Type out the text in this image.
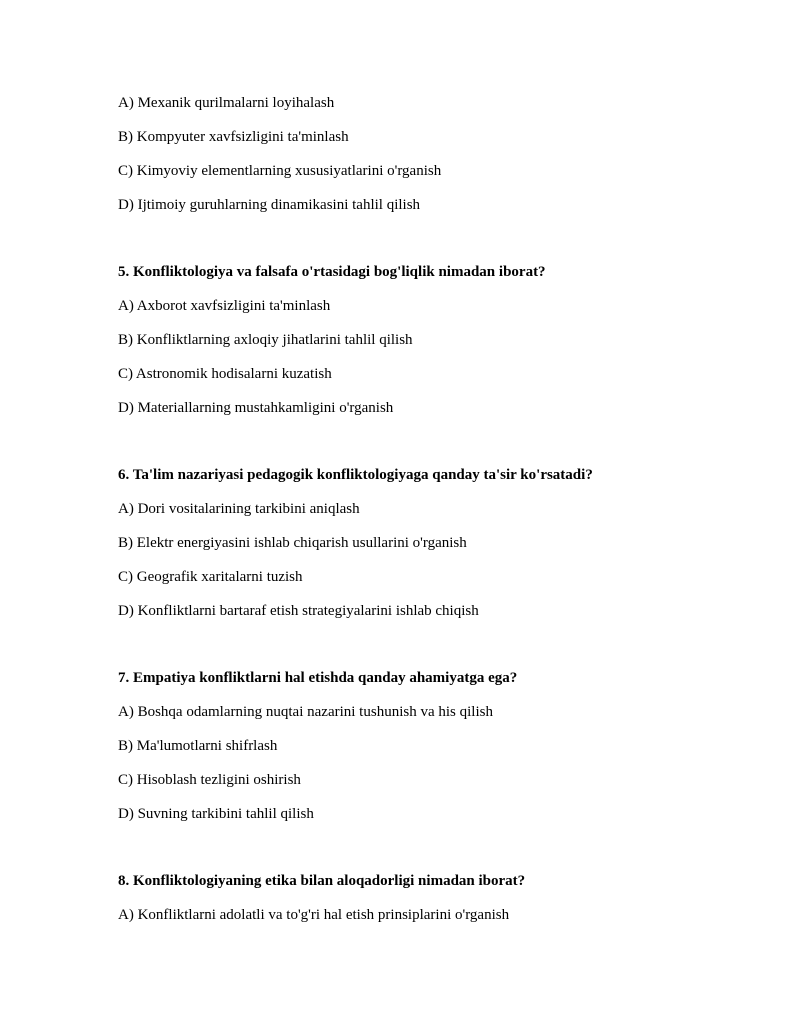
A) Mexanik qurilmalarni loyihalash
B) Kompyuter xavfsizligini ta'minlash
C) Kimyoviy elementlarning xususiyatlarini o'rganish
D) Ijtimoiy guruhlarning dinamikasini tahlil qilish
5. Konfliktologiya va falsafa o'rtasidagi bog'liqlik nimadan iborat?
A) Axborot xavfsizligini ta'minlash
B) Konfliktlarning axloqiy jihatlarini tahlil qilish
C) Astronomik hodisalarni kuzatish
D) Materiallarning mustahkamligini o'rganish
6. Ta'lim nazariyasi pedagogik konfliktologiyaga qanday ta'sir ko'rsatadi?
A) Dori vositalarining tarkibini aniqlash
B) Elektr energiyasini ishlab chiqarish usullarini o'rganish
C) Geografik xaritalarni tuzish
D) Konfliktlarni bartaraf etish strategiyalarini ishlab chiqish
7. Empatiya konfliktlarni hal etishda qanday ahamiyatga ega?
A) Boshqa odamlarning nuqtai nazarini tushunish va his qilish
B) Ma'lumotlarni shifrlash
C) Hisoblash tezligini oshirish
D) Suvning tarkibini tahlil qilish
8. Konfliktologiyaning etika bilan aloqadorligi nimadan iborat?
A) Konfliktlarni adolatli va to'g'ri hal etish prinsiplarini o'rganish
